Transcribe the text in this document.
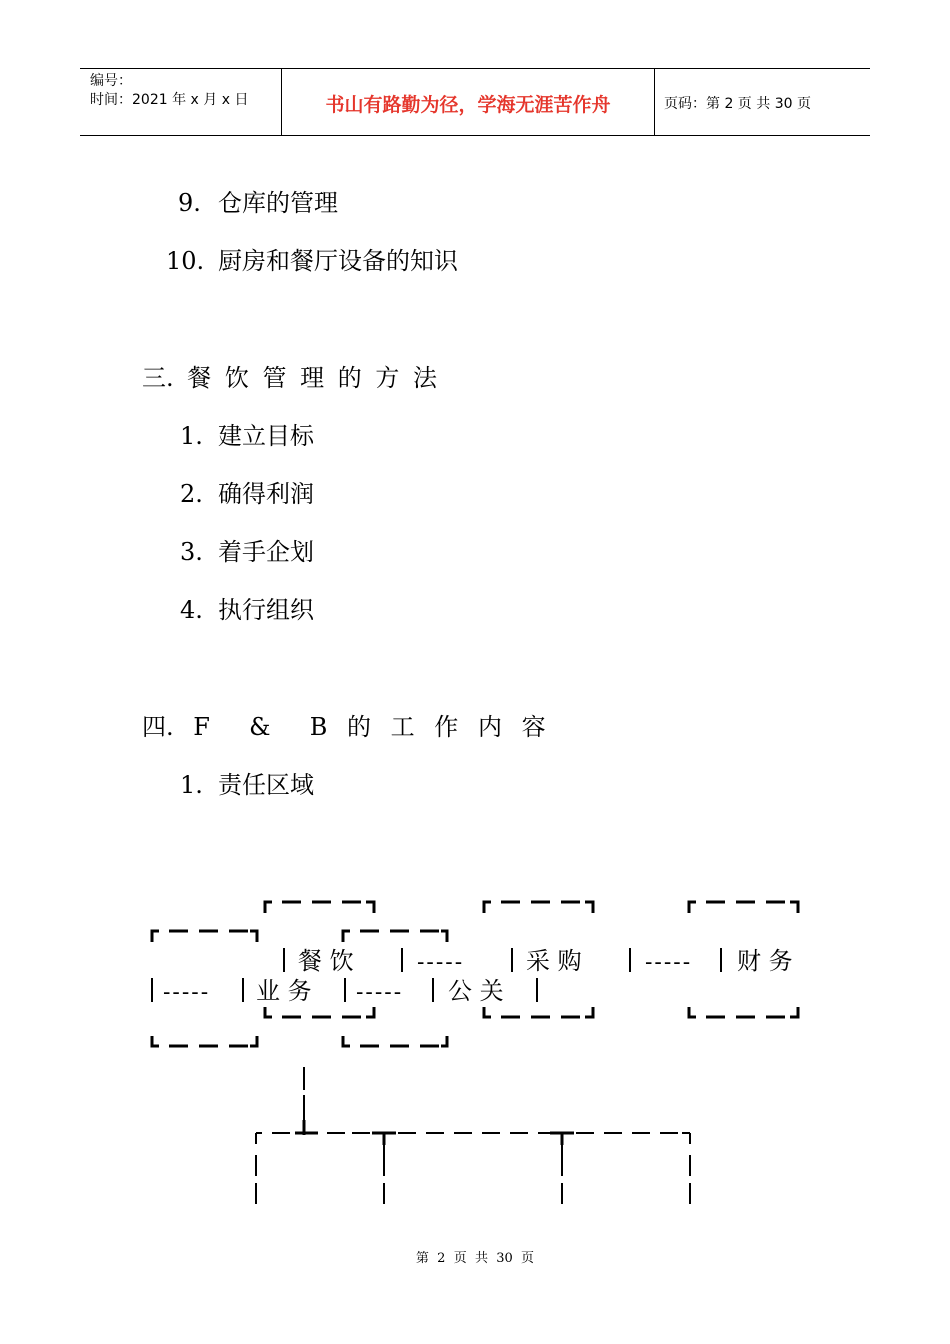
编号：
时间：2021 年 x 月 x 日	书山有路勤为径，学海无涯苦作舟	页码：第 2 页 共 30 页
9. 仓库的管理
10. 厨房和餐厅设备的知识
三. 餐 饮 管 理 的 方 法
1. 建立目标
2. 确得利润
3. 着手企划
4. 执行组织
四. F  &  B 的 工 作 内 容
1. 责任区域
餐 饮	-----	采 购	----- 财 务
----- 业 务 ----- 公 关
第  2  页  共  30  页
